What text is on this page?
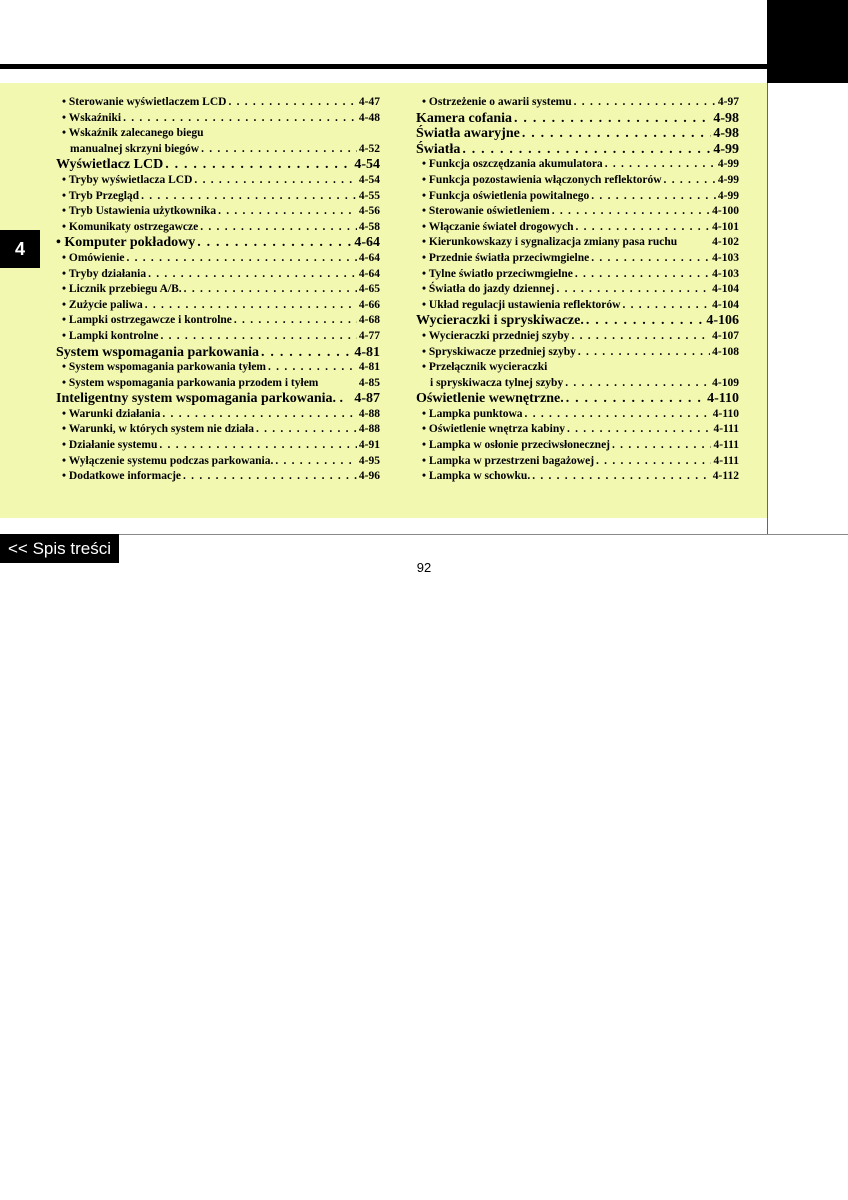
4
• Sterowanie wyświetlaczem LCD . . .	4-47
• Wskaźniki . . .	4-48
• Wskaźnik zalecanego biegu
manualnej skrzyni biegów . . .	4-52
Wyświetlacz LCD . . .	4-54
• Tryby wyświetlacza LCD . . .	4-54
• Tryb Przegląd . . .	4-55
• Tryb Ustawienia użytkownika . . .	4-56
• Komunikaty ostrzegawcze . . .	4-58
• Komputer pokładowy . . .	4-64
• Omówienie . . .	4-64
• Tryby działania . . .	4-64
• Licznik przebiegu A/B. . . .	4-65
• Zużycie paliwa . . .	4-66
• Lampki ostrzegawcze i kontrolne . . .	4-68
• Lampki kontrolne . . .	4-77
System wspomagania parkowania . . .	4-81
• System wspomagania parkowania tyłem . . .	4-81
• System wspomagania parkowania przodem i tyłem	4-85
Inteligentny system wspomagania parkowania. . 4-87
• Warunki działania . . .	4-88
• Warunki, w których system nie działa . . .	4-88
• Działanie systemu . . .	4-91
• Wyłączenie systemu podczas parkowania. . . .	4-95
• Dodatkowe informacje . . .	4-96
• Ostrzeżenie o awarii systemu . . .	4-97
Kamera cofania . . .	4-98
Światła awaryjne . . .	4-98
Światła . . .	4-99
• Funkcja oszczędzania akumulatora . . .	4-99
• Funkcja pozostawienia włączonych reflektorów . . .	4-99
• Funkcja oświetlenia powitalnego . . .	4-99
• Sterowanie oświetleniem . . .	4-100
• Włączanie świateł drogowych . . .	4-101
• Kierunkowskazy i sygnalizacja zmiany pasa ruchu	4-102
• Przednie światła przeciwmgielne . . .	4-103
• Tylne światło przeciwmgielne . . .	4-103
• Światła do jazdy dziennej . . .	4-104
• Układ regulacji ustawienia reflektorów . . .	4-104
Wycieraczki i spryskiwacze. . . .	4-106
• Wycieraczki przedniej szyby . . .	4-107
• Spryskiwacze przedniej szyby . . .	4-108
• Przełącznik wycieraczki
i spryskiwacza tylnej szyby . . .	4-109
Oświetlenie wewnętrzne. . . .	4-110
• Lampka punktowa . . .	4-110
• Oświetlenie wnętrza kabiny . . .	4-111
• Lampka w osłonie przeciwsłonecznej . . .	4-111
• Lampka w przestrzeni bagażowej . . .	4-111
• Lampka w schowku. . . .	4-112
<< Spis treści
92
